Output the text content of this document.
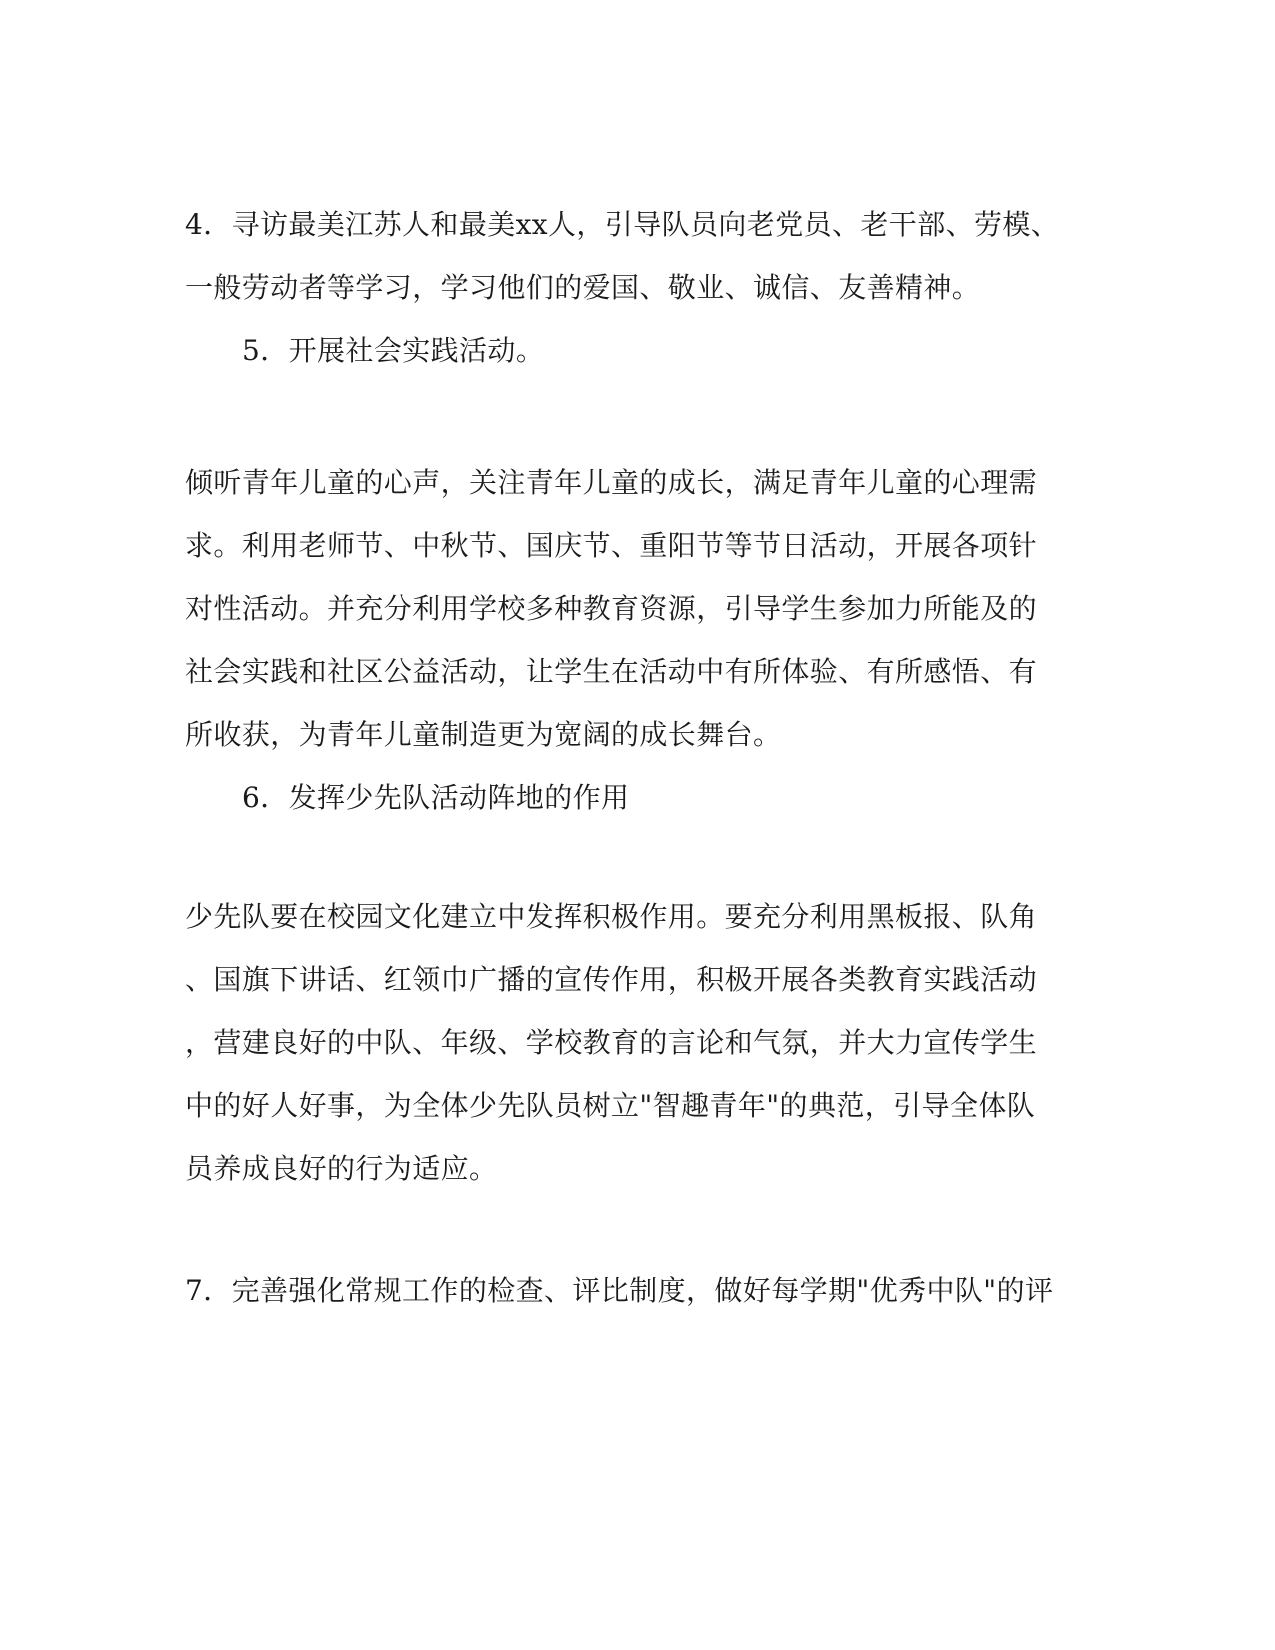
4．寻访最美江苏人和最美xx人，引导队员向老党员、老干部、劳模、
一般劳动者等学习，学习他们的爱国、敬业、诚信、友善精神。
5．开展社会实践活动。
倾听青年儿童的心声，关注青年儿童的成长，满足青年儿童的心理需
求。利用老师节、中秋节、国庆节、重阳节等节日活动，开展各项针
对性活动。并充分利用学校多种教育资源，引导学生参加力所能及的
社会实践和社区公益活动，让学生在活动中有所体验、有所感悟、有
所收获，为青年儿童制造更为宽阔的成长舞台。
6．发挥少先队活动阵地的作用
少先队要在校园文化建立中发挥积极作用。要充分利用黑板报、队角
、国旗下讲话、红领巾广播的宣传作用，积极开展各类教育实践活动
，营建良好的中队、年级、学校教育的言论和气氛，并大力宣传学生
中的好人好事，为全体少先队员树立"智趣青年"的典范，引导全体队
员养成良好的行为适应。
7．完善强化常规工作的检查、评比制度，做好每学期"优秀中队"的评
